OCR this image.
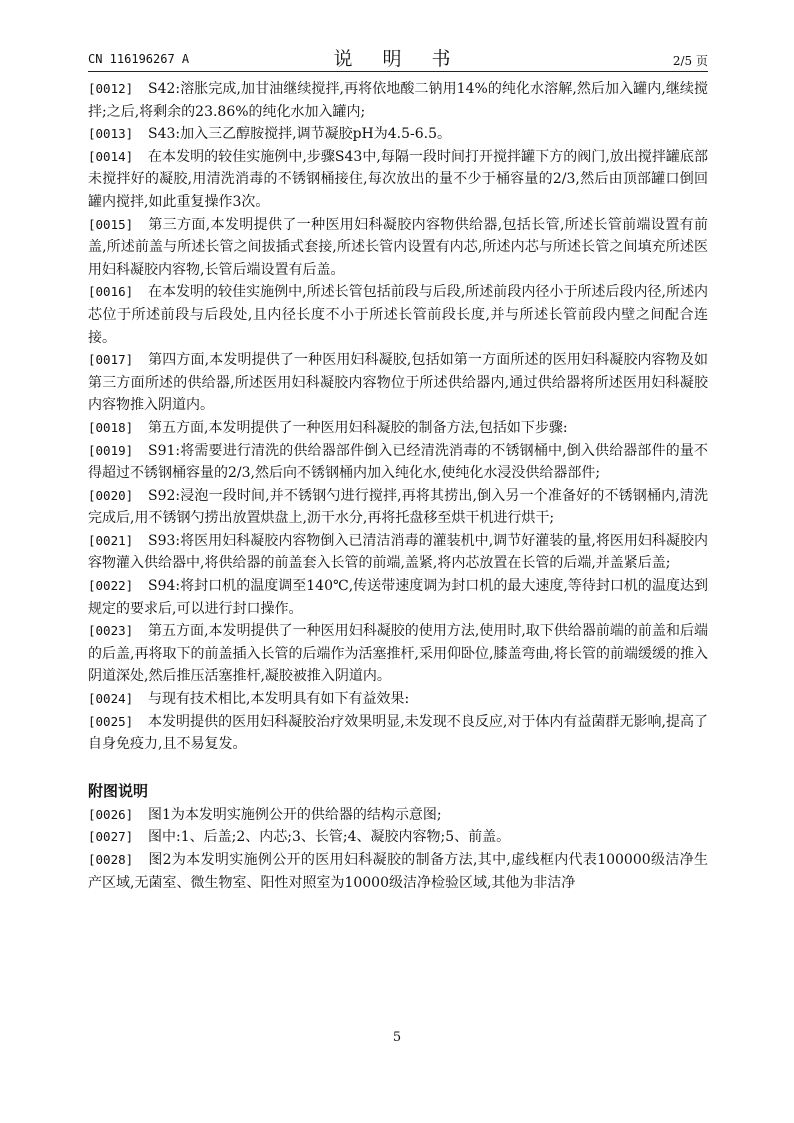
CN 116196267 A	说 明 书	2/5 页

[0012] S42:溶胀完成,加甘油继续搅拌,再将依地酸二钠用14%的纯化水溶解,然后加入罐内,继续搅拌;之后,将剩余的23.86%的纯化水加入罐内;

[0013] S43:加入三乙醇胺搅拌,调节凝胶pH为4.5-6.5。

[0014] 在本发明的较佳实施例中,步骤S43中,每隔一段时间打开搅拌罐下方的阀门,放出搅拌罐底部未搅拌好的凝胶,用清洗消毒的不锈钢桶接住,每次放出的量不少于桶容量的2/3,然后由顶部罐口倒回罐内搅拌,如此重复操作3次。

[0015] 第三方面,本发明提供了一种医用妇科凝胶内容物供给器,包括长管,所述长管前端设置有前盖,所述前盖与所述长管之间拔插式套接,所述长管内设置有内芯,所述内芯与所述长管之间填充所述医用妇科凝胶内容物,长管后端设置有后盖。

[0016] 在本发明的较佳实施例中,所述长管包括前段与后段,所述前段内径小于所述后段内径,所述内芯位于所述前段与后段处,且内径长度不小于所述长管前段长度,并与所述长管前段内壁之间配合连接。

[0017] 第四方面,本发明提供了一种医用妇科凝胶,包括如第一方面所述的医用妇科凝胶内容物及如第三方面所述的供给器,所述医用妇科凝胶内容物位于所述供给器内,通过供给器将所述医用妇科凝胶内容物推入阴道内。

[0018] 第五方面,本发明提供了一种医用妇科凝胶的制备方法,包括如下步骤:

[0019] S91:将需要进行清洗的供给器部件倒入已经清洗消毒的不锈钢桶中,倒入供给器部件的量不得超过不锈钢桶容量的2/3,然后向不锈钢桶内加入纯化水,使纯化水浸没供给器部件;

[0020] S92:浸泡一段时间,并不锈钢勺进行搅拌,再将其捞出,倒入另一个准备好的不锈钢桶内,清洗完成后,用不锈钢勺捞出放置烘盘上,沥干水分,再将托盘移至烘干机进行烘干;

[0021] S93:将医用妇科凝胶内容物倒入已清洁消毒的灌装机中,调节好灌装的量,将医用妇科凝胶内容物灌入供给器中,将供给器的前盖套入长管的前端,盖紧,将内芯放置在长管的后端,并盖紧后盖;

[0022] S94:将封口机的温度调至140℃,传送带速度调为封口机的最大速度,等待封口机的温度达到规定的要求后,可以进行封口操作。

[0023] 第五方面,本发明提供了一种医用妇科凝胶的使用方法,使用时,取下供给器前端的前盖和后端的后盖,再将取下的前盖插入长管的后端作为活塞推杆,采用仰卧位,膝盖弯曲,将长管的前端缓缓的推入阴道深处,然后推压活塞推杆,凝胶被推入阴道内。

[0024] 与现有技术相比,本发明具有如下有益效果:

[0025] 本发明提供的医用妇科凝胶治疗效果明显,未发现不良反应,对于体内有益菌群无影响,提高了自身免疫力,且不易复发。

附图说明

[0026] 图1为本发明实施例公开的供给器的结构示意图;

[0027] 图中:1、后盖;2、内芯;3、长管;4、凝胶内容物;5、前盖。

[0028] 图2为本发明实施例公开的医用妇科凝胶的制备方法,其中,虚线框内代表100000级洁净生产区域,无菌室、微生物室、阳性对照室为10000级洁净检验区域,其他为非洁净

5
